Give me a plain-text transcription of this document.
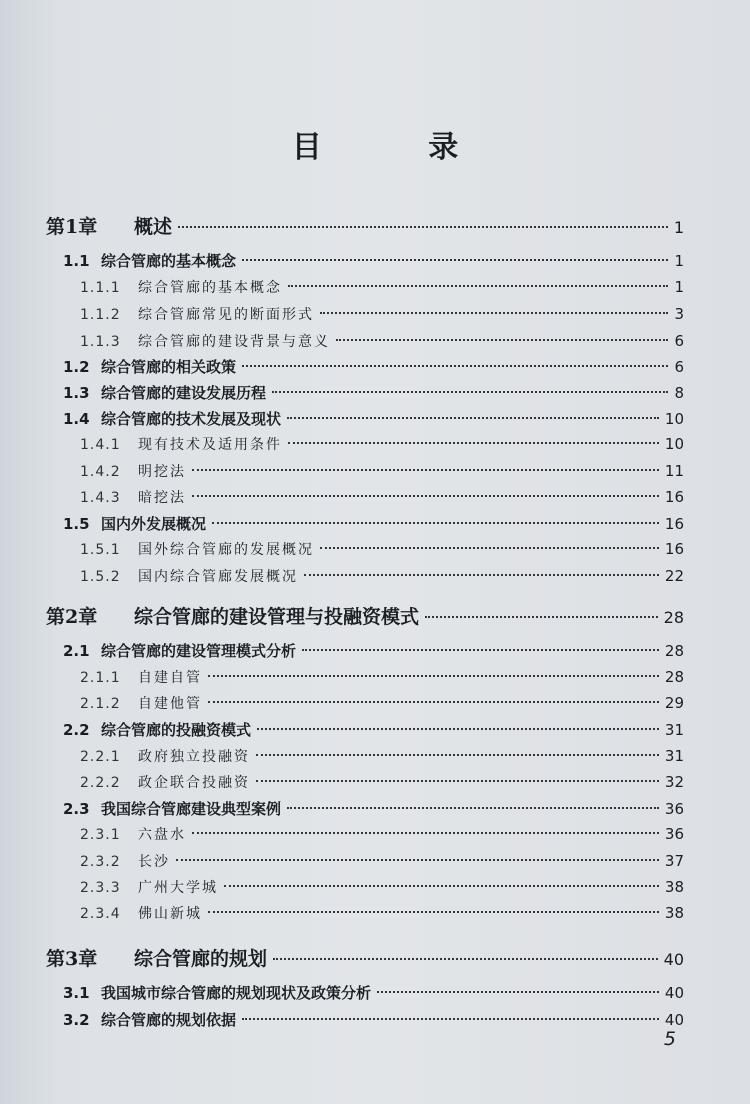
目 录
第1章	概述	1
1.1 综合管廊的基本概念	1
1.1.1	综合管廊的基本概念	1
1.1.2	综合管廊常见的断面形式	3
1.1.3	综合管廊的建设背景与意义	6
1.2 综合管廊的相关政策	6
1.3 综合管廊的建设发展历程	8
1.4 综合管廊的技术发展及现状	10
1.4.1	现有技术及适用条件	10
1.4.2	明挖法	11
1.4.3	暗挖法	16
1.5 国内外发展概况	16
1.5.1	国外综合管廊的发展概况	16
1.5.2	国内综合管廊发展概况	22
第2章	综合管廊的建设管理与投融资模式	28
2.1 综合管廊的建设管理模式分析	28
2.1.1	自建自管	28
2.1.2	自建他管	29
2.2 综合管廊的投融资模式	31
2.2.1	政府独立投融资	31
2.2.2	政企联合投融资	32
2.3 我国综合管廊建设典型案例	36
2.3.1	六盘水	36
2.3.2	长沙	37
2.3.3	广州大学城	38
2.3.4	佛山新城	38
第3章	综合管廊的规划	40
3.1 我国城市综合管廊的规划现状及政策分析	40
3.2 综合管廊的规划依据	40
5
